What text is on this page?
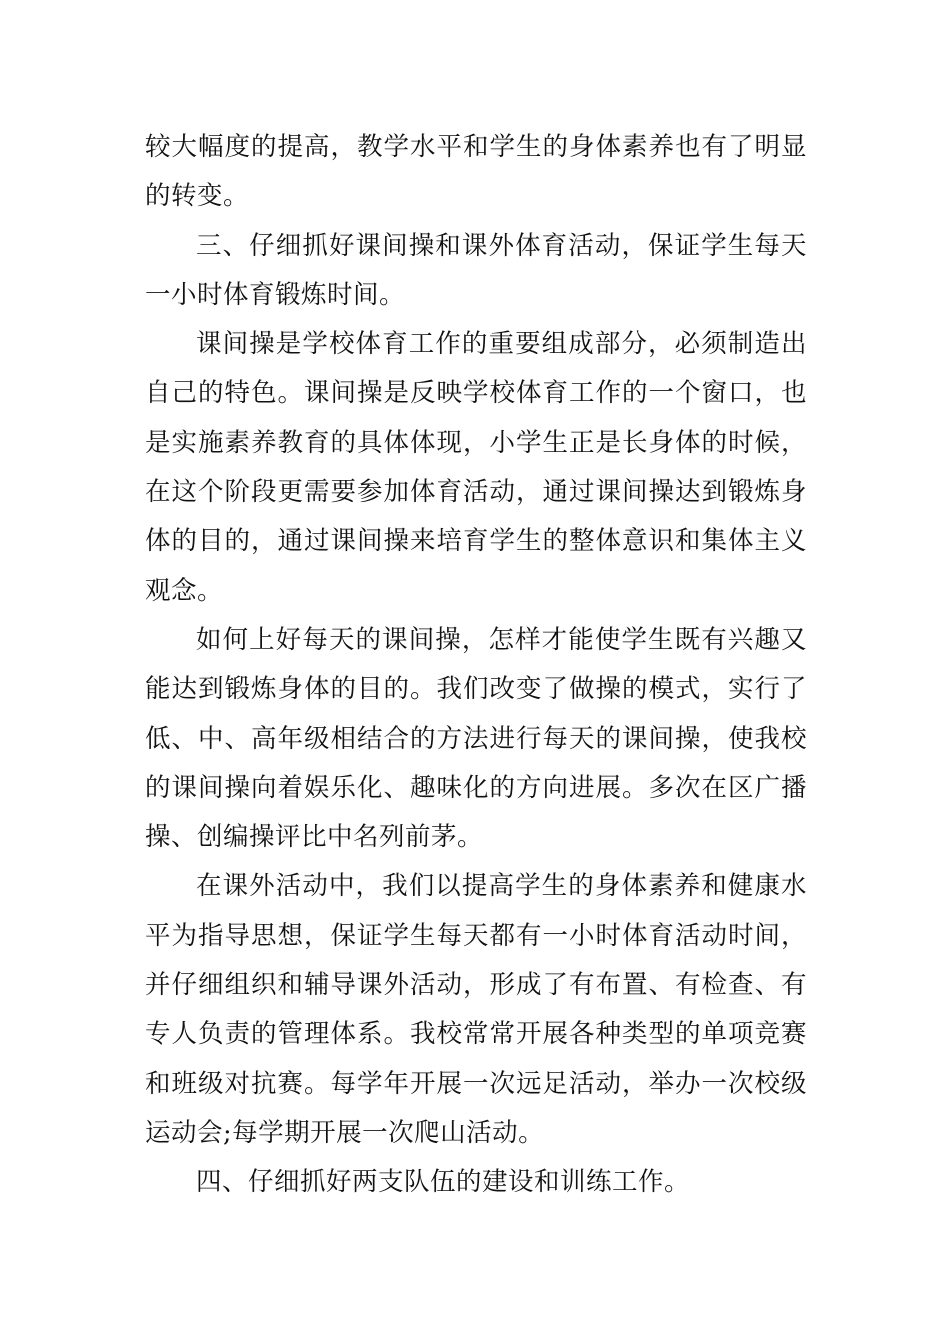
较大幅度的提高，教学水平和学生的身体素养也有了明显的转变。

三、仔细抓好课间操和课外体育活动，保证学生每天一小时体育锻炼时间。

课间操是学校体育工作的重要组成部分，必须制造出自己的特色。课间操是反映学校体育工作的一个窗口，也是实施素养教育的具体体现，小学生正是长身体的时候，在这个阶段更需要参加体育活动，通过课间操达到锻炼身体的目的，通过课间操来培育学生的整体意识和集体主义观念。

如何上好每天的课间操，怎样才能使学生既有兴趣又能达到锻炼身体的目的。我们改变了做操的模式，实行了低、中、高年级相结合的方法进行每天的课间操，使我校的课间操向着娱乐化、趣味化的方向进展。多次在区广播操、创编操评比中名列前茅。

在课外活动中，我们以提高学生的身体素养和健康水平为指导思想，保证学生每天都有一小时体育活动时间，并仔细组织和辅导课外活动，形成了有布置、有检查、有专人负责的管理体系。我校常常开展各种类型的单项竞赛和班级对抗赛。每学年开展一次远足活动，举办一次校级运动会;每学期开展一次爬山活动。

四、仔细抓好两支队伍的建设和训练工作。
